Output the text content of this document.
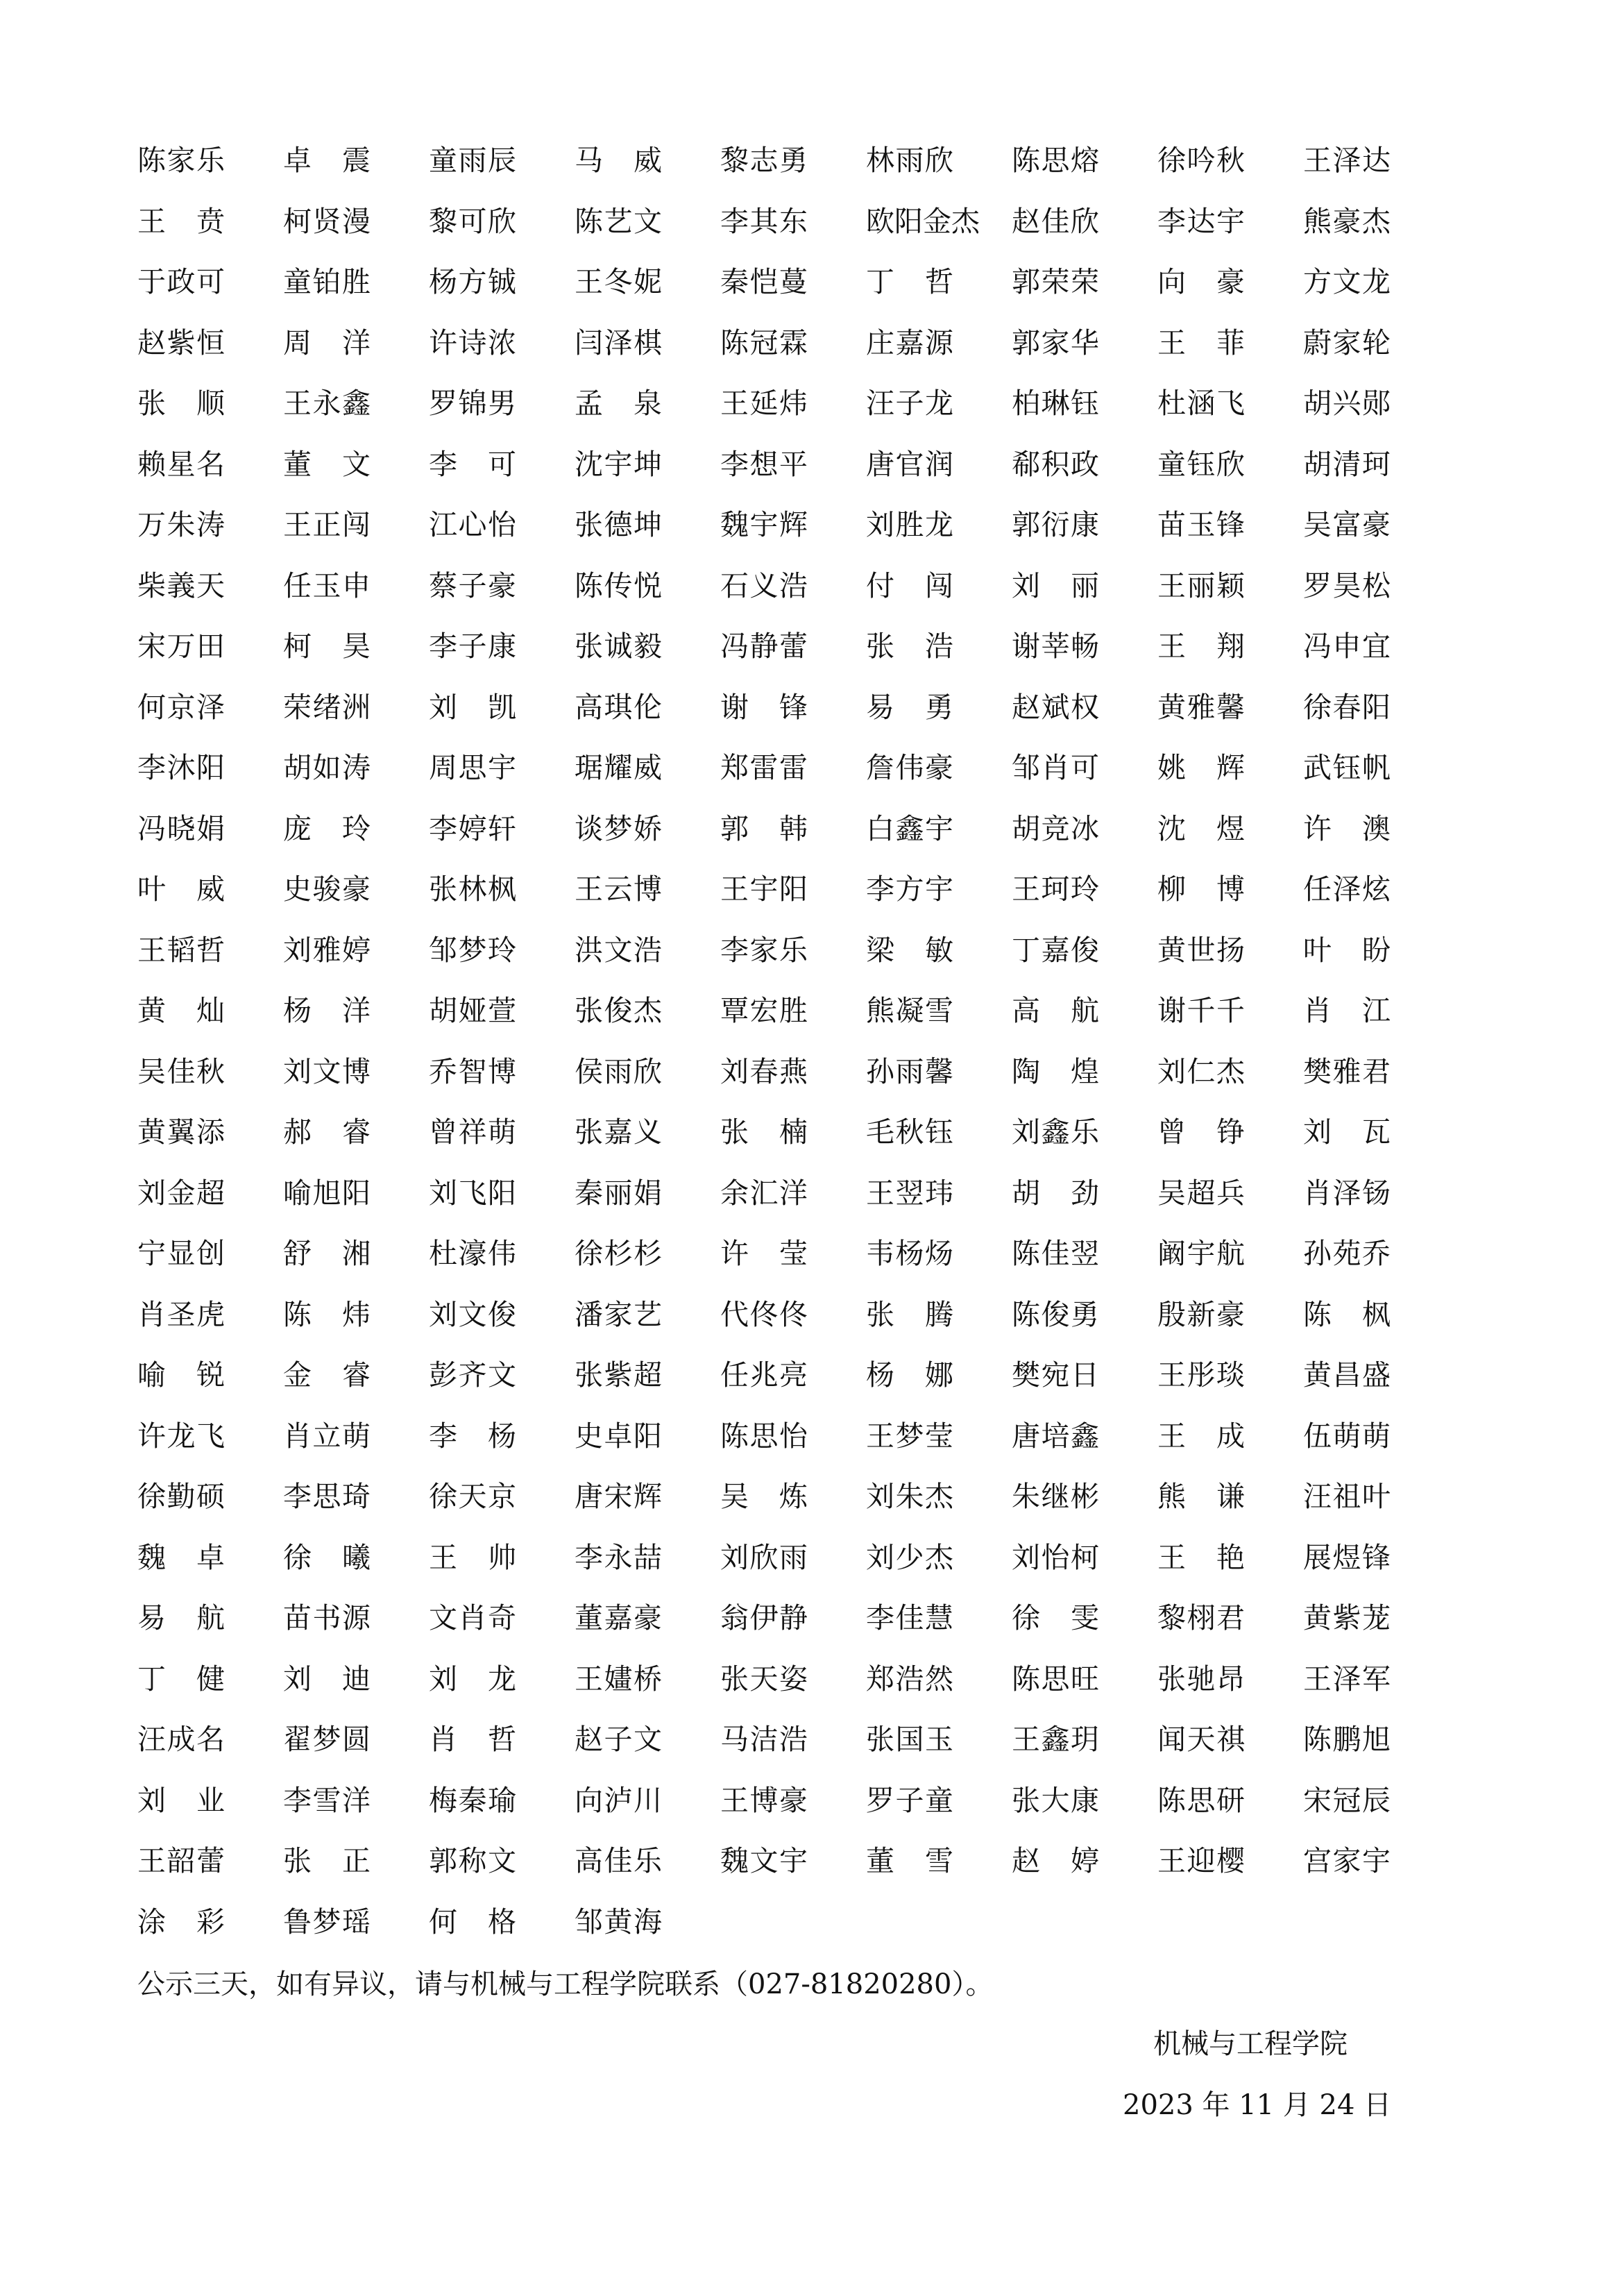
陈家乐 卓 震 童雨辰 马 威 黎志勇 林雨欣 陈思熔 徐吟秋 王泽达
王 贲 柯贤漫 黎可欣 陈艺文 李其东 欧阳金杰 赵佳欣 李达宇 熊豪杰
于政可 童铂胜 杨方铖 王冬妮 秦恺蔓 丁 哲 郭荣荣 向 豪 方文龙
赵紫恒 周 洋 许诗浓 闫泽棋 陈冠霖 庄嘉源 郭家华 王 菲 蔚家轮
张 顺 王永鑫 罗锦男 孟 泉 王延炜 汪子龙 柏琳钰 杜涵飞 胡兴郧
赖星名 董 文 李 可 沈宇坤 李想平 唐官润 郗积政 童钰欣 胡清珂
万朱涛 王正闯 江心怡 张德坤 魏宇辉 刘胜龙 郭衍康 苗玉锋 吴富豪
柴義天 任玉申 蔡子豪 陈传悦 石义浩 付 闯 刘 丽 王丽颖 罗昊松
宋万田 柯 昊 李子康 张诚毅 冯静蕾 张 浩 谢莘畅 王 翔 冯申宜
何京泽 荣绪洲 刘 凯 高琪伦 谢 锋 易 勇 赵斌权 黄雅馨 徐春阳
李沐阳 胡如涛 周思宇 琚耀威 郑雷雷 詹伟豪 邹肖可 姚 辉 武钰帆
冯晓娟 庞 玲 李婷轩 谈梦娇 郭 韩 白鑫宇 胡竞冰 沈 煜 许 澳
叶 威 史骏豪 张林枫 王云博 王宇阳 李方宇 王珂玲 柳 博 任泽炫
王韬哲 刘雅婷 邹梦玲 洪文浩 李家乐 梁 敏 丁嘉俊 黄世扬 叶 盼
黄 灿 杨 洋 胡娅萱 张俊杰 覃宏胜 熊凝雪 高 航 谢千千 肖 江
吴佳秋 刘文博 乔智博 侯雨欣 刘春燕 孙雨馨 陶 煌 刘仁杰 樊雅君
黄翼添 郝 睿 曾祥萌 张嘉义 张 楠 毛秋钰 刘鑫乐 曾 铮 刘 瓦
刘金超 喻旭阳 刘飞阳 秦丽娟 余汇洋 王翌玮 胡 劲 吴超兵 肖泽钖
宁显创 舒 湘 杜濠伟 徐杉杉 许 莹 韦杨炀 陈佳翌 阚宇航 孙苑乔
肖圣虎 陈 炜 刘文俊 潘家艺 代佟佟 张 腾 陈俊勇 殷新豪 陈 枫
喻 锐 金 睿 彭齐文 张紫超 任兆亮 杨 娜 樊宛日 王彤琰 黄昌盛
许龙飞 肖立萌 李 杨 史卓阳 陈思怡 王梦莹 唐培鑫 王 成 伍萌萌
徐勤硕 李思琦 徐天京 唐宋辉 吴 炼 刘朱杰 朱继彬 熊 谦 汪祖叶
魏 卓 徐 曦 王 帅 李永喆 刘欣雨 刘少杰 刘怡柯 王 艳 展煜锋
易 航 苗书源 文肖奇 董嘉豪 翁伊静 李佳慧 徐 雯 黎栩君 黄紫茏
丁 健 刘 迪 刘 龙 王嫿桥 张天姿 郑浩然 陈思旺 张驰昂 王泽军
汪成名 翟梦圆 肖 哲 赵子文 马洁浩 张国玉 王鑫玥 闻天祺 陈鹏旭
刘 业 李雪洋 梅秦瑜 向泸川 王博豪 罗子童 张大康 陈思研 宋冠辰
王韶蕾 张 正 郭称文 高佳乐 魏文宇 董 雪 赵 婷 王迎樱 宫家宇
涂 彩 鲁梦瑶 何 格 邹黄海
公示三天，如有异议，请与机械与工程学院联系（027-81820280）。
机械与工程学院
2023 年 11 月 24 日
